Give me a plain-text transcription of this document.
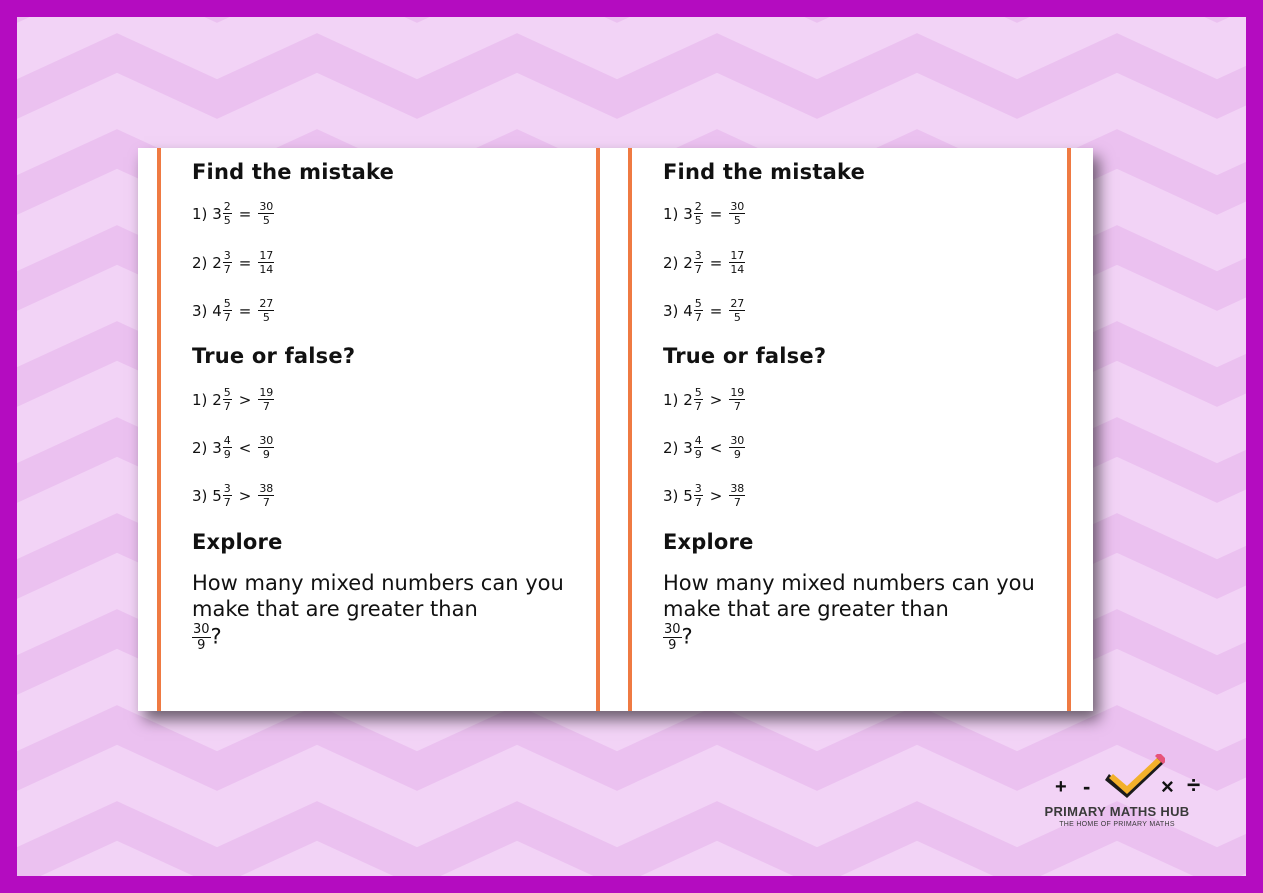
Find the mistake
1)
$3 \frac{2}{5} = \frac{30}{5}$
2)
$2 \frac{3}{7} = \frac{17}{14}$
3)
$4 \frac{5}{7} = \frac{27}{5}$
True or false?
1)
$2 \frac{5}{7} > \frac{19}{7}$
2)
$3 \frac{4}{9} < \frac{30}{9}$
3)
$5 \frac{3}{7} > \frac{38}{7}$
Explore
How many mixed numbers can you make that are greater than

$\frac{30}{9}$ ?
Find the mistake
1)
$3 \frac{2}{5} = \frac{30}{5}$
2)
$2 \frac{3}{7} = \frac{17}{14}$
3)
$4 \frac{5}{7} = \frac{27}{5}$
True or false?
1)
$2 \frac{5}{7} > \frac{19}{7}$
2)
$3 \frac{4}{9} < \frac{30}{9}$
3)
$5 \frac{3}{7} > \frac{38}{7}$
Explore
How many mixed numbers can you make that are greater than

$\frac{30}{9}$ ?
+ -	× ÷
PRIMARY MATHS HUB
THE HOME OF PRIMARY MATHS
